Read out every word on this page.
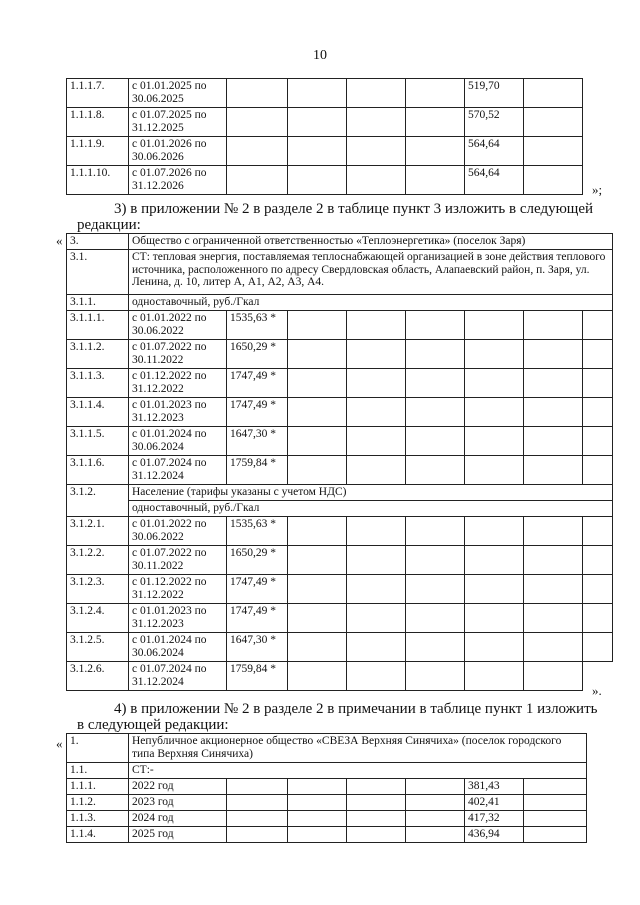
10
1.1.1.7.	с 01.01.2025 по 30.06.2025					519,70		
1.1.1.8.	с 01.07.2025 по 31.12.2025					570,52		
1.1.1.9.	с 01.01.2026 по 30.06.2026					564,64		
1.1.1.10.	с 01.07.2026 по 31.12.2026					564,64		
»;
3) в приложении № 2 в разделе 2 в таблице пункт 3 изложить в следующей
редакции:
« 3.	Общество с ограниченной ответственностью «Теплоэнергетика» (поселок Заря)							
3.1.	СТ: тепловая энергия, поставляемая теплоснабжающей организацией в зоне действия теплового источника, расположенного по адресу Свердловская область, Алапаевский район, п. Заря, ул. Ленина, д. 10, литер А, А1, А2, А3, А4.							
3.1.1.	одноставочный, руб./Гкал							
3.1.1.1.	с 01.01.2022 по 30.06.2022	1535,63 *						
3.1.1.2.	с 01.07.2022 по 30.11.2022	1650,29 *						
3.1.1.3.	с 01.12.2022 по 31.12.2022	1747,49 *						
3.1.1.4.	с 01.01.2023 по 31.12.2023	1747,49 *						
3.1.1.5.	с 01.01.2024 по 30.06.2024	1647,30 *						
3.1.1.6.	с 01.07.2024 по 31.12.2024	1759,84 *						
3.1.2.	Население (тарифы указаны с учетом НДС)							
	одноставочный, руб./Гкал							
3.1.2.1.	с 01.01.2022 по 30.06.2022	1535,63 *						
3.1.2.2.	с 01.07.2022 по 30.11.2022	1650,29 *						
3.1.2.3.	с 01.12.2022 по 31.12.2022	1747,49 *						
3.1.2.4.	с 01.01.2023 по 31.12.2023	1747,49 *						
3.1.2.5.	с 01.01.2024 по 30.06.2024	1647,30 *						
3.1.2.6.	с 01.07.2024 по 31.12.2024	1759,84 *						
».
4) в приложении № 2 в разделе 2 в примечании в таблице пункт 1 изложить
в следующей редакции:
« 1.	Непубличное акционерное общество «СВЕЗА Верхняя Синячиха» (поселок городского типа Верхняя Синячиха)						
1.1.	СТ:-						
1.1.1.	2022 год					381,43	
1.1.2.	2023 год					402,41	
1.1.3.	2024 год					417,32	
1.1.4.	2025 год					436,94	
